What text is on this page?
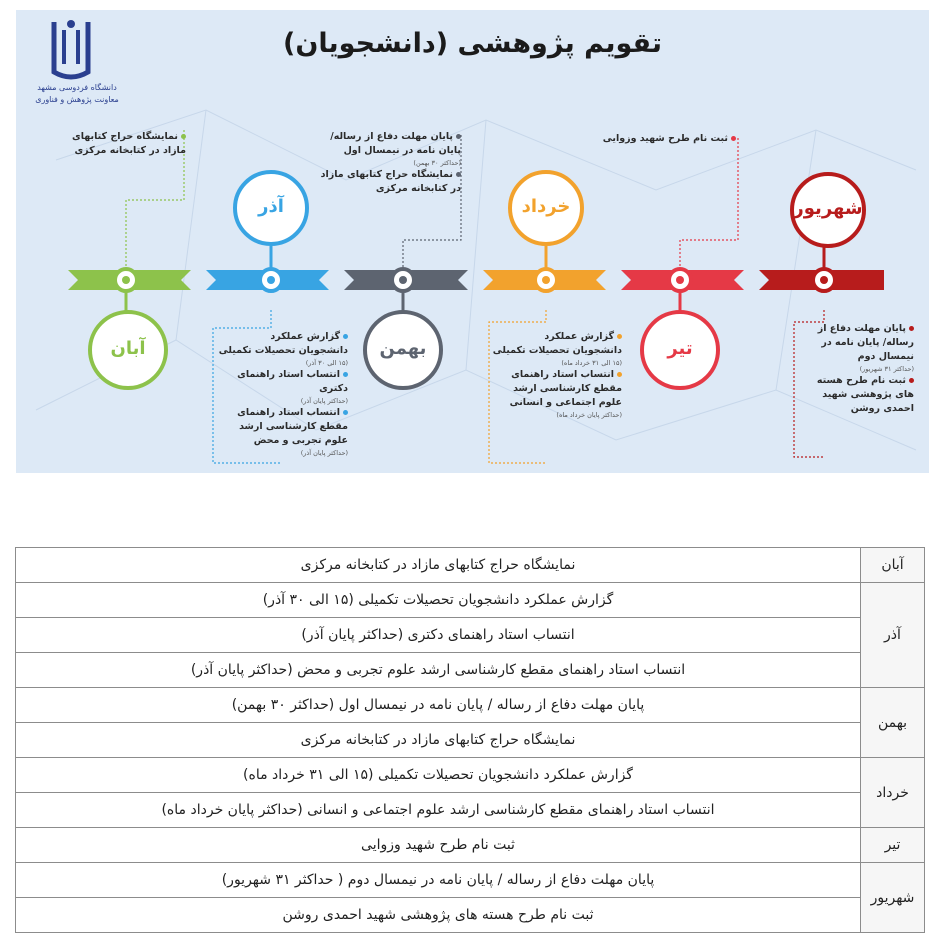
دانشگاه فردوسی مشهد معاونت پژوهش و فناوری
تقویم پژوهشی (دانشجویان)
شهریور
تیر
خرداد
بهمن
آذر
آبان
نمایشگاه حراج کتابهای مازاد در کتابخانه مرکزی
پایان مهلت دفاع از رساله/ پایان نامه در نیمسال اول
(حداکثر ۳۰ بهمن)
نمایشگاه حراج کتابهای مازاد در کتابخانه مرکزی
ثبت نام طرح شهید وزوایی
گزارش عملکرد دانشجویان تحصیلات تکمیلی
(۱۵ الی ۳۰ آذر)
انتساب استاد راهنمای دکتری
(حداکثر پایان آذر)
انتساب استاد راهنمای مقطع کارشناسی ارشد علوم تجربی و محض
(حداکثر پایان آذر)
گزارش عملکرد دانشجویان تحصیلات تکمیلی
(۱۵ الی ۳۱ خرداد ماه)
انتساب استاد راهنمای مقطع کارشناسی ارشد علوم اجتماعی و انسانی
(حداکثر پایان خرداد ماه)
پایان مهلت دفاع از رساله/ پایان نامه در نیمسال دوم
(حداکثر ۳۱ شهریور)
ثبت نام طرح هسته های پژوهشی شهید احمدی روشن
آبان	نمایشگاه حراج کتابهای مازاد در کتابخانه مرکزی
آذر	گزارش عملکرد دانشجویان تحصیلات تکمیلی (۱۵ الی ۳۰ آذر)
	انتساب استاد راهنمای دکتری (حداکثر پایان آذر)
	انتساب استاد راهنمای مقطع کارشناسی ارشد علوم تجربی و محض (حداکثر پایان آذر)
بهمن	پایان مهلت دفاع از رساله / پایان نامه در نیمسال اول (حداکثر ۳۰ بهمن)
	نمایشگاه حراج کتابهای مازاد در کتابخانه مرکزی
خرداد	گزارش عملکرد دانشجویان تحصیلات تکمیلی (۱۵ الی ۳۱ خرداد ماه)
	انتساب استاد راهنمای مقطع کارشناسی ارشد علوم اجتماعی و انسانی (حداکثر پایان خرداد ماه)
تیر	ثبت نام طرح شهید وزوایی
شهریور	پایان مهلت دفاع از رساله / پایان نامه در نیمسال دوم ( حداکثر ۳۱ شهریور)
	ثبت نام طرح هسته های پژوهشی شهید احمدی روشن
